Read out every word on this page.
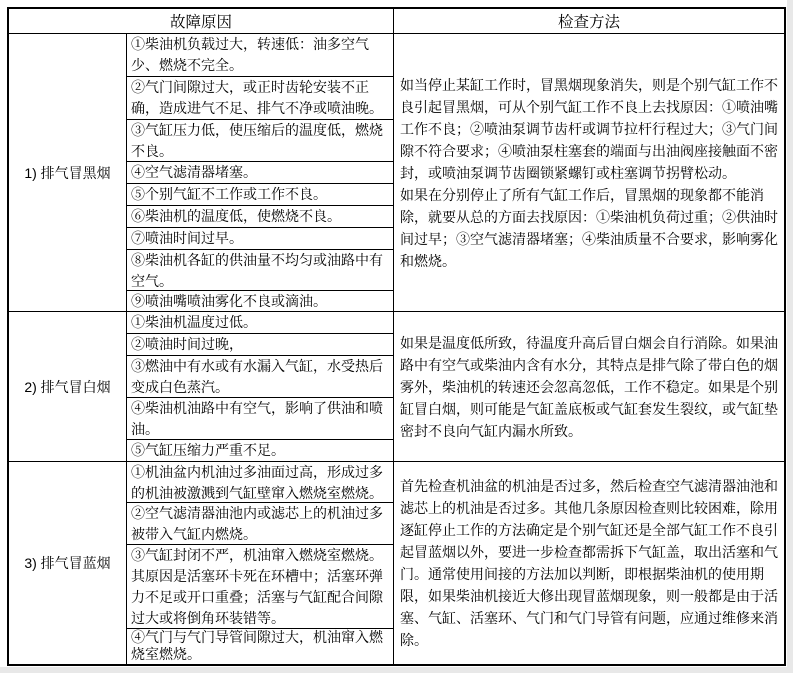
故障原因	检查方法
1) 排气冒黑烟
①柴油机负载过大，转速低：油多空气少、燃烧不完全。
②气门间隙过大，或正时齿轮安装不正确，造成进气不足、排气不净或喷油晚。
③气缸压力低，使压缩后的温度低，燃烧不良。
④空气滤清器堵塞。
⑤个别气缸不工作或工作不良。
⑥柴油机的温度低，使燃烧不良。
⑦喷油时间过早。
⑧柴油机各缸的供油量不均匀或油路中有空气。
⑨喷油嘴喷油雾化不良或滴油。

如当停止某缸工作时，冒黑烟现象消失，则是个别气缸工作不良引起冒黑烟，可从个别气缸工作不良上去找原因：①喷油嘴工作不良；②喷油泵调节齿杆或调节拉杆行程过大；③气门间隙不符合要求；④喷油泵柱塞套的端面与出油阀座接触面不密封，或喷油泵调节齿圈锁紧螺钉或柱塞调节拐臂松动。

如果在分别停止了所有气缸工作后，冒黑烟的现象都不能消除，就要从总的方面去找原因：①柴油机负荷过重；②供油时间过早；③空气滤清器堵塞；④柴油质量不合要求，影响雾化和燃烧。

2) 排气冒白烟
①柴油机温度过低。
②喷油时间过晚，
③燃油中有水或有水漏入气缸，水受热后变成白色蒸汽。
④柴油机油路中有空气，影响了供油和喷油。
⑤气缸压缩力严重不足。

如果是温度低所致，待温度升高后冒白烟会自行消除。如果油路中有空气或柴油内含有水分，其特点是排气除了带白色的烟雾外，柴油机的转速还会忽高忽低，工作不稳定。如果是个别缸冒白烟，则可能是气缸盖底板或气缸套发生裂纹，或气缸垫密封不良向气缸内漏水所致。

3) 排气冒蓝烟
①机油盆内机油过多油面过高，形成过多的机油被激溅到气缸壁窜入燃烧室燃烧。
②空气滤清器油池内或滤芯上的机油过多被带入气缸内燃烧。
③气缸封闭不严，机油窜入燃烧室燃烧。其原因是活塞环卡死在环槽中；活塞环弹力不足或开口重叠；活塞与气缸配合间隙过大或将倒角环装错等。
④气门与气门导管间隙过大，机油窜入燃烧室燃烧。

首先检查机油盆的机油是否过多，然后检查空气滤清器油池和滤芯上的机油是否过多。其他几条原因检查则比较困难，除用逐缸停止工作的方法确定是个别气缸还是全部气缸工作不良引起冒蓝烟以外，要进一步检查都需拆下气缸盖，取出活塞和气门。通常使用间接的方法加以判断，即根据柴油机的使用期限，如果柴油机接近大修出现冒蓝烟现象，则一般都是由于活塞、气缸、活塞环、气门和气门导管有问题，应通过维修来消除。
